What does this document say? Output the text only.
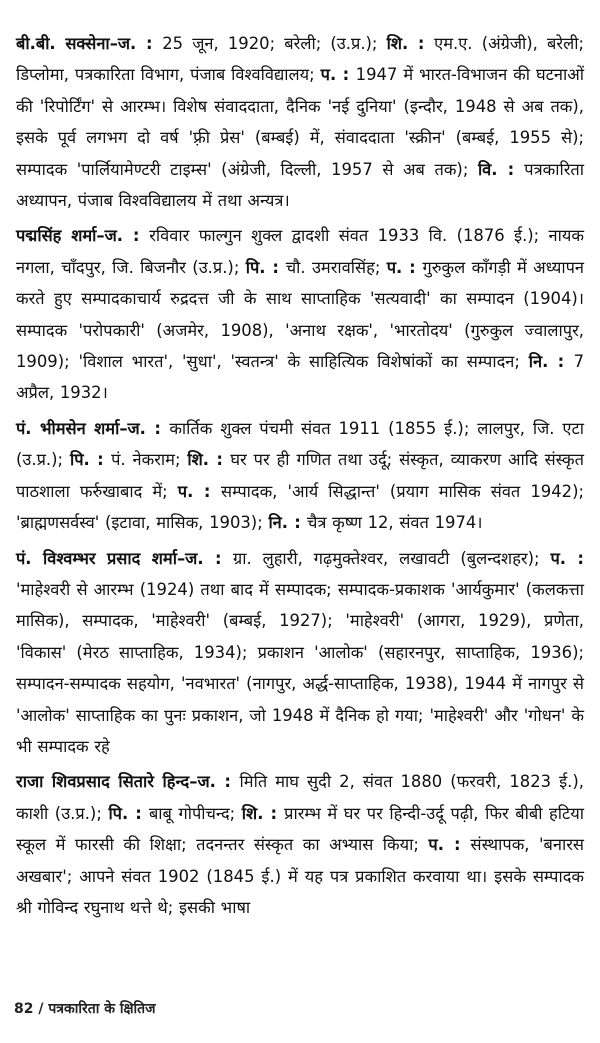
बी.बी. सक्सेना–ज. : 25 जून, 1920; बरेली; (उ.प्र.); शि. : एम.ए. (अंग्रेजी), बरेली; डिप्लोमा, पत्रकारिता विभाग, पंजाब विश्वविद्यालय; प. : 1947 में भारत-विभाजन की घटनाओं की 'रिपोर्टिंग' से आरम्भ। विशेष संवाददाता, दैनिक 'नई दुनिया' (इन्दौर, 1948 से अब तक), इसके पूर्व लगभग दो वर्ष 'फ़्री प्रेस' (बम्बई) में, संवाददाता 'स्क्रीन' (बम्बई, 1955 से); सम्पादक 'पार्लियामेण्टरी टाइम्स' (अंग्रेजी, दिल्ली, 1957 से अब तक); वि. : पत्रकारिता अध्यापन, पंजाब विश्वविद्यालय में तथा अन्यत्र।

पद्मसिंह शर्मा–ज. : रविवार फाल्गुन शुक्ल द्वादशी संवत 1933 वि. (1876 ई.); नायक नगला, चाँदपुर, जि. बिजनौर (उ.प्र.); पि. : चौ. उमरावसिंह; प. : गुरुकुल काँगड़ी में अध्यापन करते हुए सम्पादकाचार्य रुद्रदत्त जी के साथ साप्ताहिक 'सत्यवादी' का सम्पादन (1904)। सम्पादक 'परोपकारी' (अजमेर, 1908), 'अनाथ रक्षक', 'भारतोदय' (गुरुकुल ज्वालापुर, 1909); 'विशाल भारत', 'सुधा', 'स्वतन्त्र' के साहित्यिक विशेषांकों का सम्पादन; नि. : 7 अप्रैल, 1932।

पं. भीमसेन शर्मा–ज. : कार्तिक शुक्ल पंचमी संवत 1911 (1855 ई.); लालपुर, जि. एटा (उ.प्र.); पि. : पं. नेकराम; शि. : घर पर ही गणित तथा उर्दू; संस्कृत, व्याकरण आदि संस्कृत पाठशाला फर्रुखाबाद में; प. : सम्पादक, 'आर्य सिद्धान्त' (प्रयाग मासिक संवत 1942); 'ब्राह्मणसर्वस्व' (इटावा, मासिक, 1903); नि. : चैत्र कृष्ण 12, संवत 1974।

पं. विश्वम्भर प्रसाद शर्मा–ज. : ग्रा. लुहारी, गढ़मुक्तेश्वर, लखावटी (बुलन्दशहर); प. : 'माहेश्वरी से आरम्भ (1924) तथा बाद में सम्पादक; सम्पादक-प्रकाशक 'आर्यकुमार' (कलकत्ता मासिक), सम्पादक, 'माहेश्वरी' (बम्बई, 1927); 'माहेश्वरी' (आगरा, 1929), प्रणेता, 'विकास' (मेरठ साप्ताहिक, 1934); प्रकाशन 'आलोक' (सहारनपुर, साप्ताहिक, 1936); सम्पादन-सम्पादक सहयोग, 'नवभारत' (नागपुर, अर्द्ध-साप्ताहिक, 1938), 1944 में नागपुर से 'आलोक' साप्ताहिक का पुनः प्रकाशन, जो 1948 में दैनिक हो गया; 'माहेश्वरी' और 'गोधन' के भी सम्पादक रहे

राजा शिवप्रसाद सितारे हिन्द–ज. : मिति माघ सुदी 2, संवत 1880 (फरवरी, 1823 ई.), काशी (उ.प्र.); पि. : बाबू गोपीचन्द; शि. : प्रारम्भ में घर पर हिन्दी-उर्दू पढ़ी, फिर बीबी हटिया स्कूल में फारसी की शिक्षा; तदनन्तर संस्कृत का अभ्यास किया; प. : संस्थापक, 'बनारस अखबार'; आपने संवत 1902 (1845 ई.) में यह पत्र प्रकाशित करवाया था। इसके सम्पादक श्री गोविन्द रघुनाथ थत्ते थे; इसकी भाषा

82 / पत्रकारिता के क्षितिज
